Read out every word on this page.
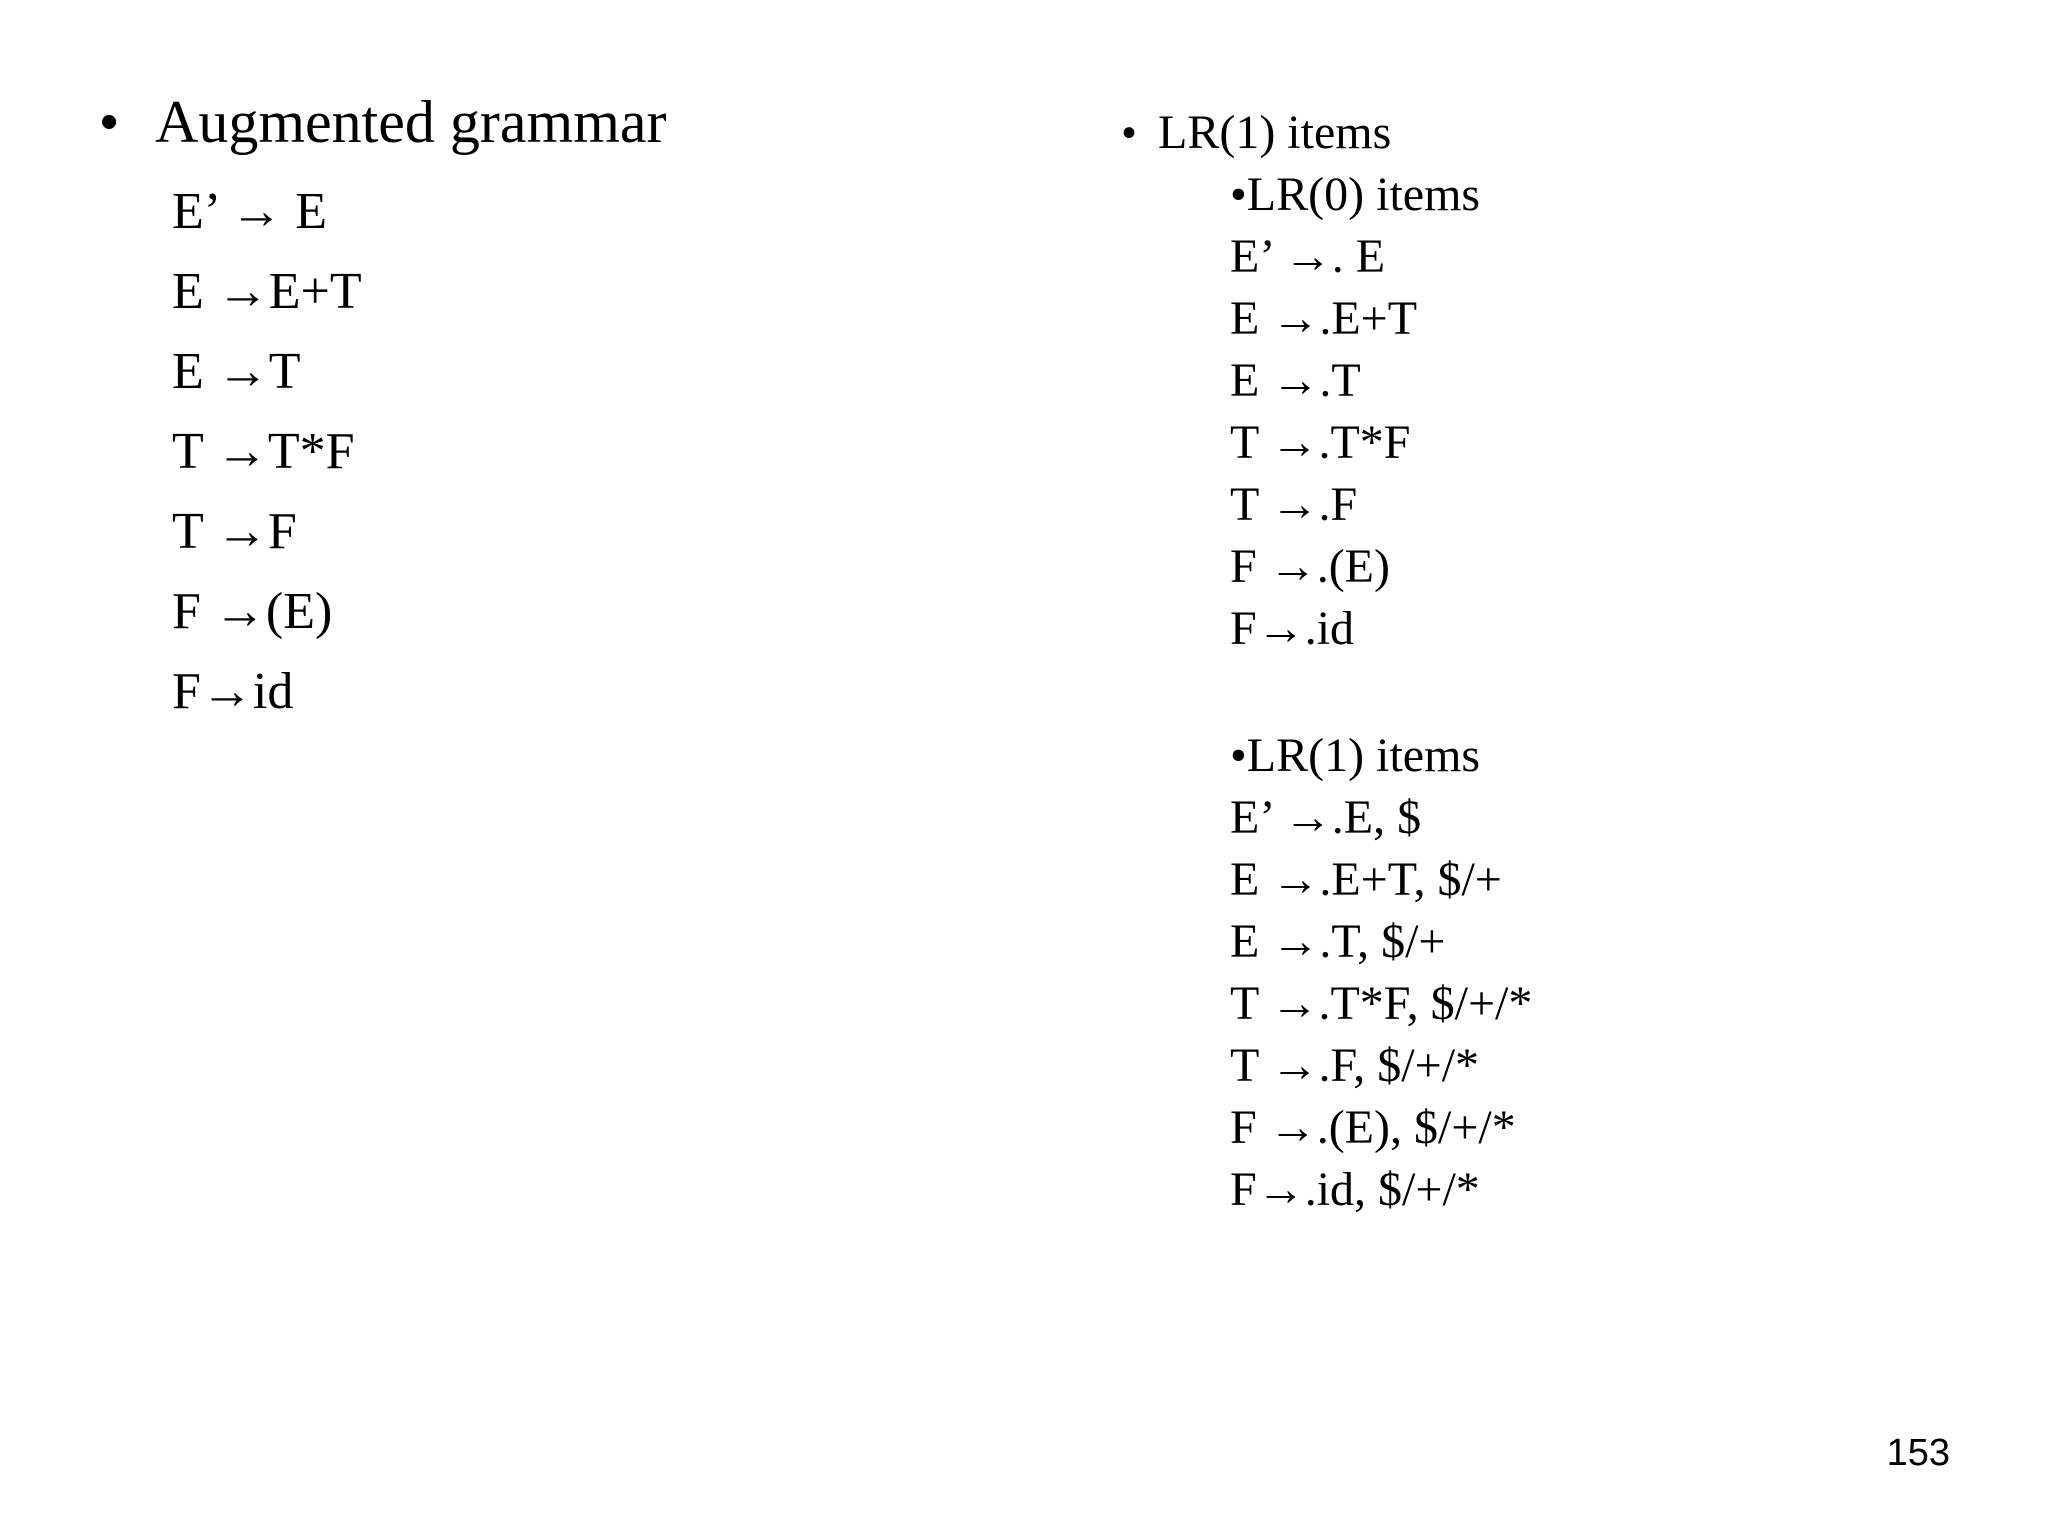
• Augmented grammar
E’ → E
E →E+T
E →T
T →T*F
T →F
F →(E)
F→id
• LR(1) items
•LR(0) items
E’ →. E
E →.E+T
E →.T
T →.T*F
T →.F
F →.(E)
F→.id
•LR(1) items
E’ →.E, $
E →.E+T, $/+
E →.T, $/+
T →.T*F, $/+/*
T →.F, $/+/*
F →.(E), $/+/*
F→.id, $/+/*
153
